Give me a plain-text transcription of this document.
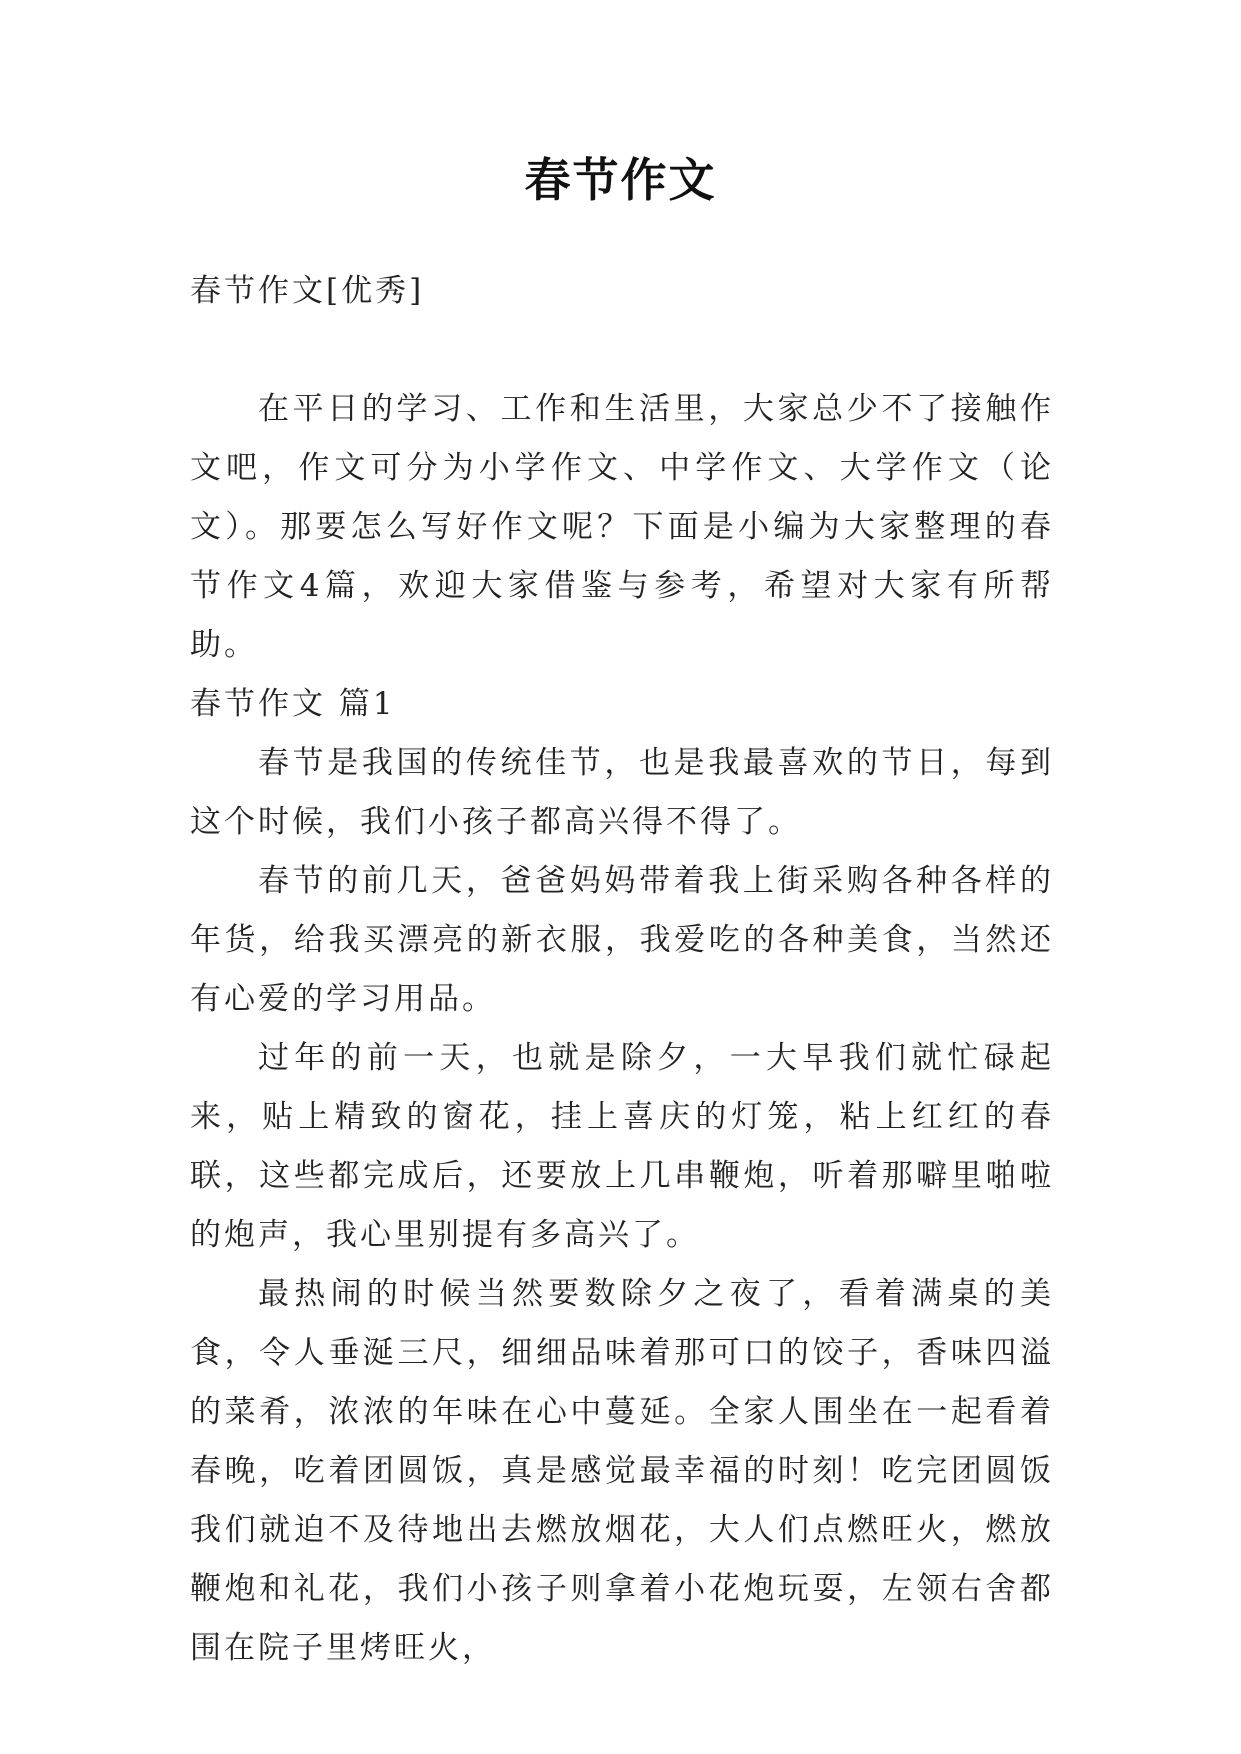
春节作文

春节作文[优秀]

在平日的学习、工作和生活里，大家总少不了接触作文吧，作文可分为小学作文、中学作文、大学作文（论文）。那要怎么写好作文呢？下面是小编为大家整理的春节作文4篇，欢迎大家借鉴与参考，希望对大家有所帮助。

春节作文 篇1

春节是我国的传统佳节，也是我最喜欢的节日，每到这个时候，我们小孩子都高兴得不得了。

春节的前几天，爸爸妈妈带着我上街采购各种各样的年货，给我买漂亮的新衣服，我爱吃的各种美食，当然还有心爱的学习用品。

过年的前一天，也就是除夕，一大早我们就忙碌起来，贴上精致的窗花，挂上喜庆的灯笼，粘上红红的春联，这些都完成后，还要放上几串鞭炮，听着那噼里啪啦的炮声，我心里别提有多高兴了。

最热闹的时候当然要数除夕之夜了，看着满桌的美食，令人垂涎三尺，细细品味着那可口的饺子，香味四溢的菜肴，浓浓的年味在心中蔓延。全家人围坐在一起看着春晚，吃着团圆饭，真是感觉最幸福的时刻！吃完团圆饭我们就迫不及待地出去燃放烟花，大人们点燃旺火，燃放鞭炮和礼花，我们小孩子则拿着小花炮玩耍，左领右舍都围在院子里烤旺火，
